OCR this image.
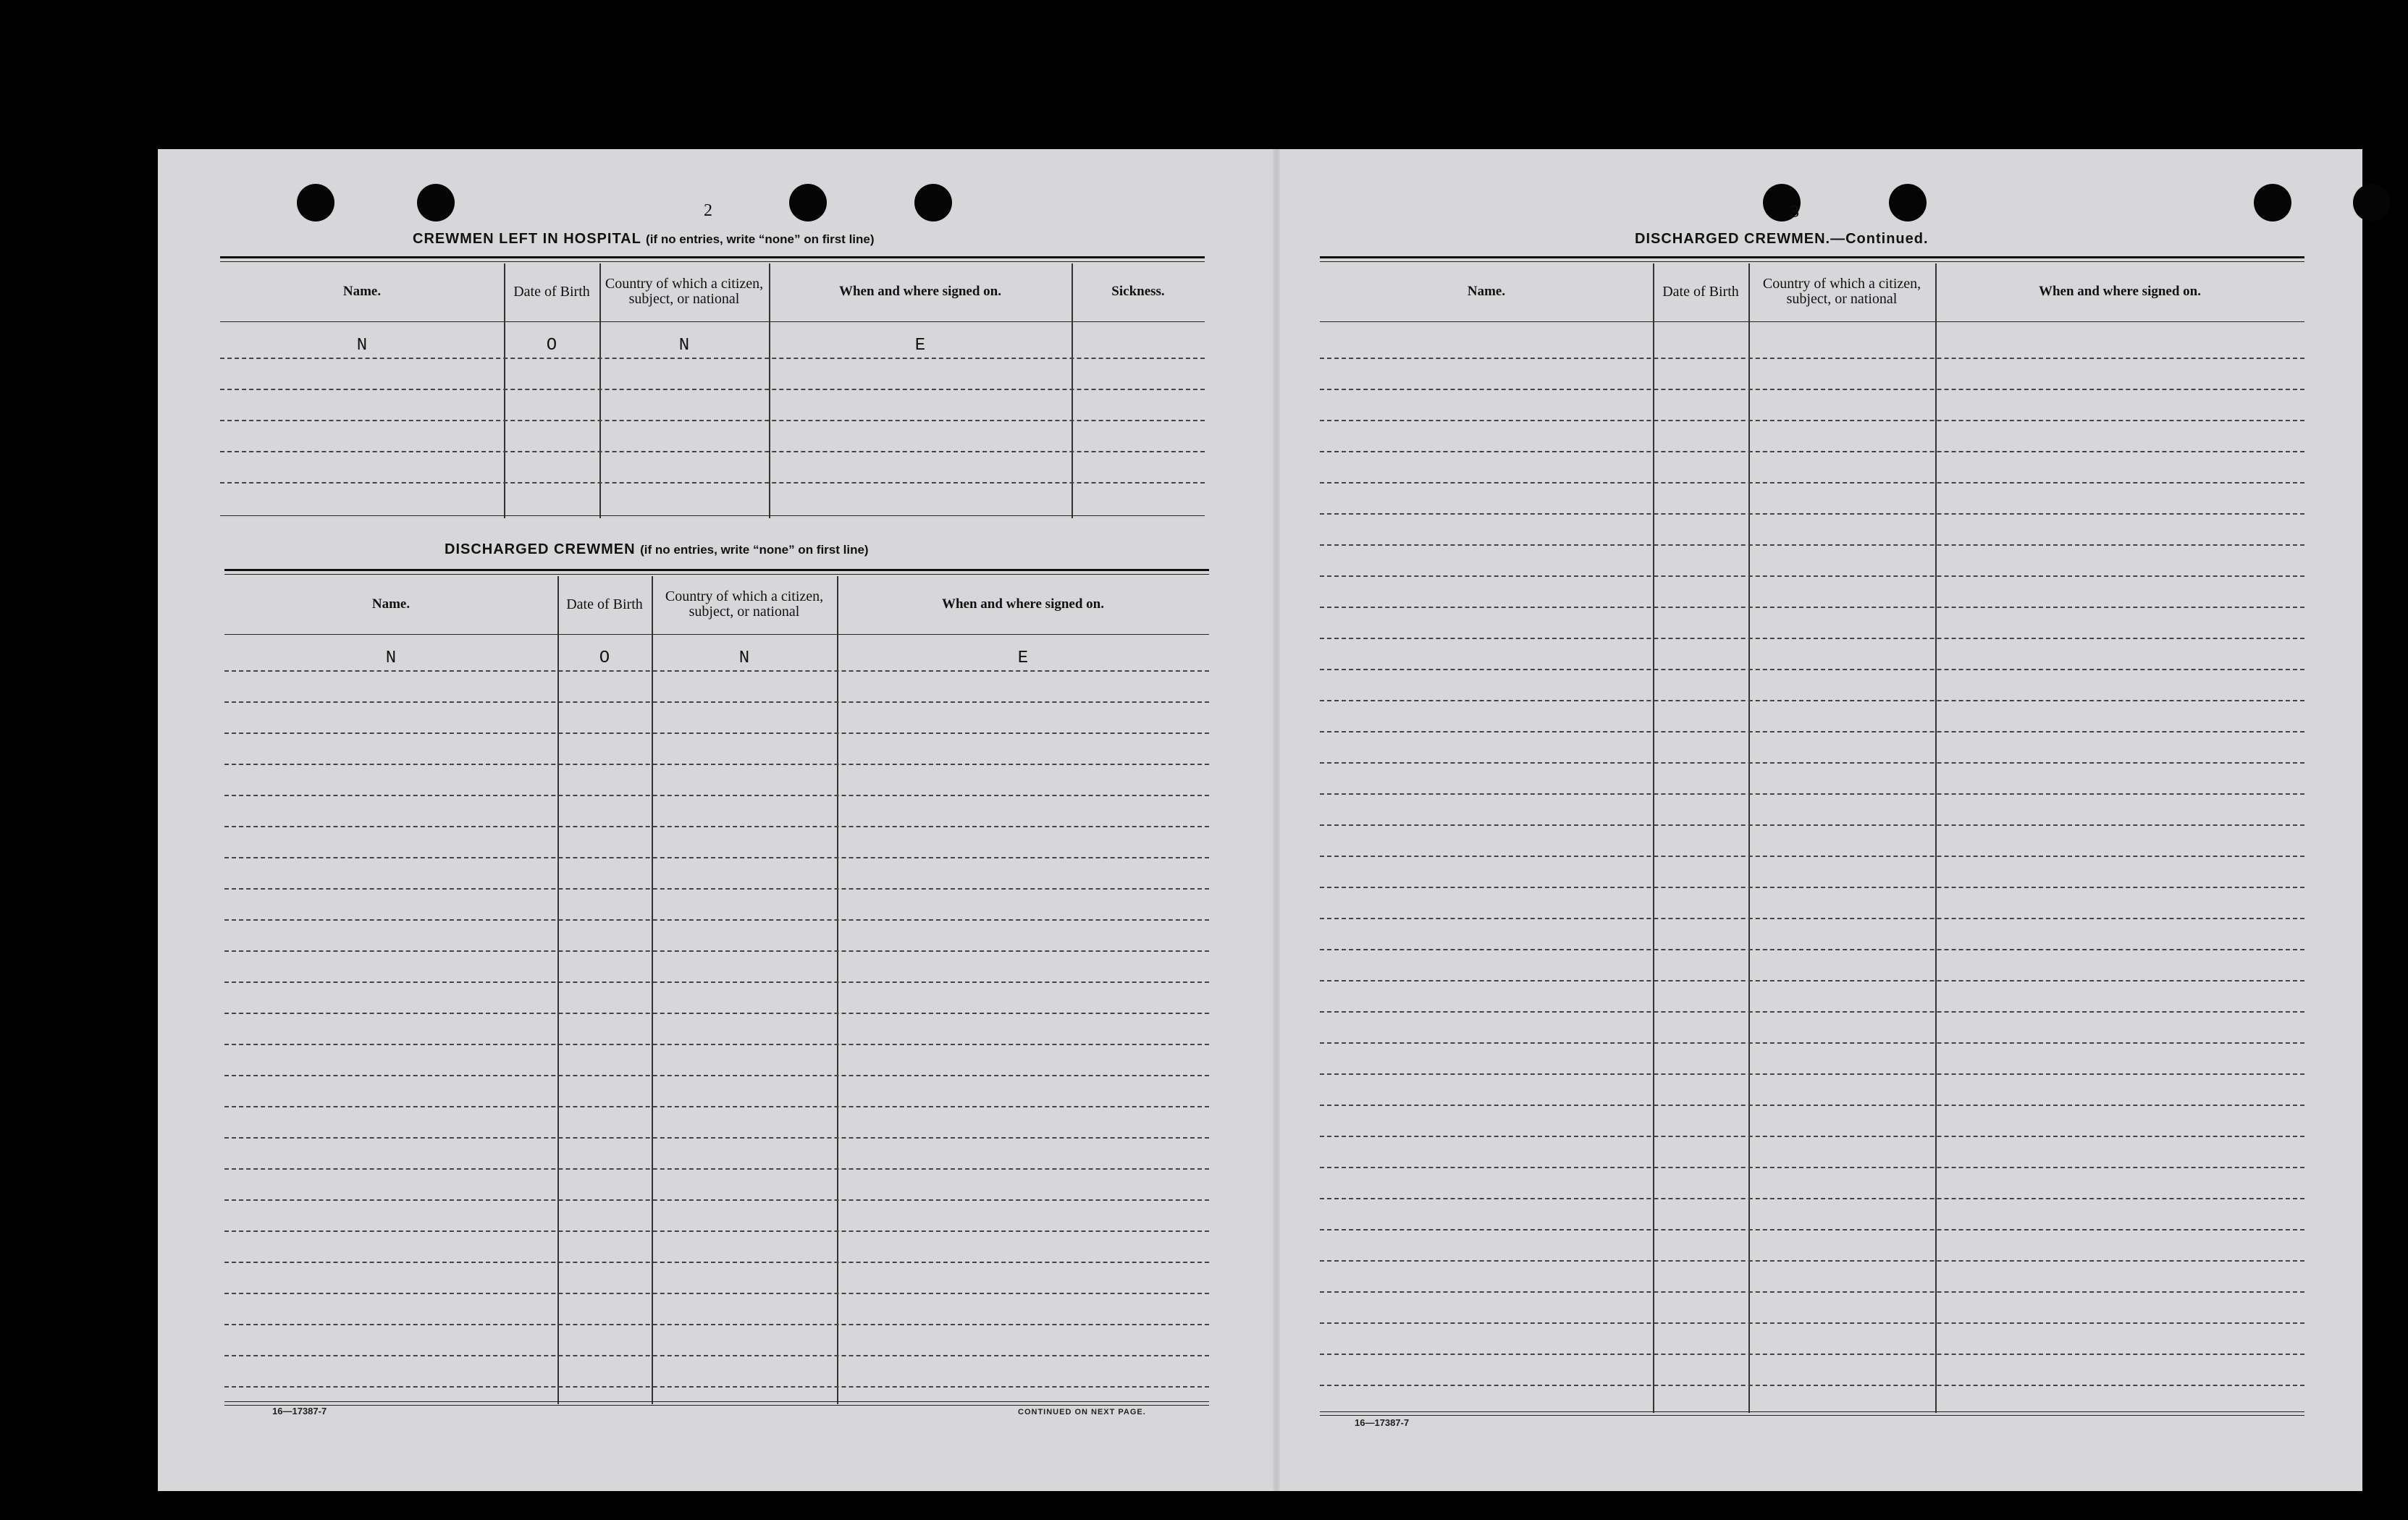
2
CREWMEN LEFT IN HOSPITAL (if no entries, write “none” on first line)
Name.	Date of Birth	Country of which a citizen, subject, or national	When and where signed on.	Sickness.
N	O	N	E
DISCHARGED CREWMEN (if no entries, write “none” on first line)
Name.	Date of Birth	Country of which a citizen, subject, or national	When and where signed on.
N	O	N	E
16—17387-7	CONTINUED ON NEXT PAGE.
3
DISCHARGED CREWMEN.—Continued.
Name.	Date of Birth	Country of which a citizen, subject, or national	When and where signed on.
16—17387-7
